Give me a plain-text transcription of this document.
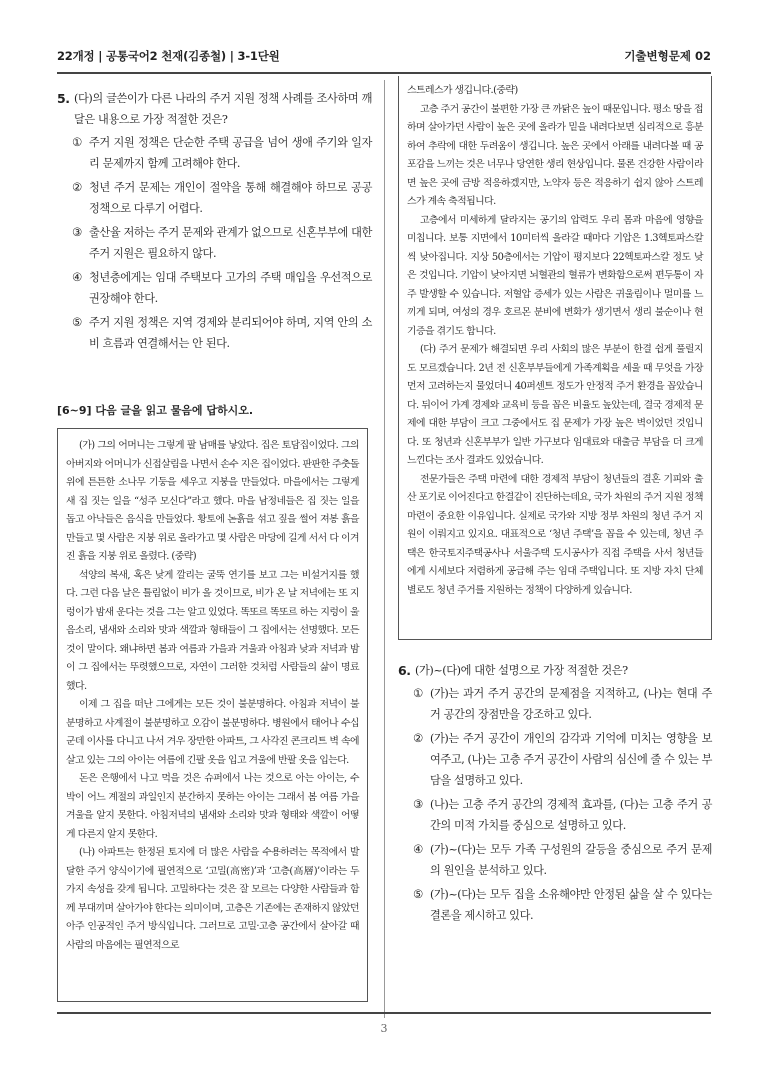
22개정 | 공통국어2 천재(김종철) | 3-1단원	기출변형문제 02
5. (다)의 글쓴이가 다른 나라의 주거 지원 정책 사례를 조사하며 깨달은 내용으로 가장 적절한 것은?
① 주거 지원 정책은 단순한 주택 공급을 넘어 생애 주기와 일자리 문제까지 함께 고려해야 한다.
② 청년 주거 문제는 개인이 절약을 통해 해결해야 하므로 공공 정책으로 다루기 어렵다.
③ 출산율 저하는 주거 문제와 관계가 없으므로 신혼부부에 대한 주거 지원은 필요하지 않다.
④ 청년층에게는 임대 주택보다 고가의 주택 매입을 우선적으로 권장해야 한다.
⑤ 주거 지원 정책은 지역 경제와 분리되어야 하며, 지역 안의 소비 흐름과 연결해서는 안 된다.
[6~9] 다음 글을 읽고 물음에 답하시오.

(가) 그의 어머니는 그렇게 팔 남매를 낳았다. 집은 토담집이었다. 그의 아버지와 어머니가 신접살림을 나면서 손수 지은 집이었다. 판판한 주춧돌 위에 튼튼한 소나무 기둥을 세우고 지붕을 만들었다. 마을에서는 그렇게 새 집 짓는 일을 “성주 모신다”라고 했다. 마을 남정네들은 집 짓는 일을 돕고 아낙들은 음식을 만들었다. 황토에 논흙을 섞고 짚을 썰어 져봉 흙을 만들고 몇 사람은 지붕 위로 올라가고 몇 사람은 마당에 길게 서서 다 이겨진 흙을 지붕 위로 올렸다. (중략)

석양의 복새, 혹은 낮게 깔리는 굴뚝 연기를 보고 그는 비설거지를 했다. 그런 다음 날은 틀림없이 비가 올 것이므로, 비가 온 날 저녁에는 또 지렁이가 밤새 운다는 것을 그는 알고 있었다. 똑또르 똑또르 하는 지렁이 울음소리, 냄새와 소리와 맛과 색깔과 형태들이 그 집에서는 선명했다. 모든 것이 말이다. 왜냐하면 봄과 여름과 가을과 겨울과 아침과 낮과 저녁과 밤이 그 집에서는 뚜렷했으므로, 자연이 그러한 것처럼 사람들의 삶이 명료했다.

이제 그 집을 떠난 그에게는 모든 것이 불분명하다. 아침과 저녁이 불분명하고 사계절이 불분명하고 오감이 불분명하다. 병원에서 태어나 수십 군데 이사를 다니고 나서 겨우 장만한 아파트, 그 사각진 콘크리트 벽 속에 살고 있는 그의 아이는 여름에 긴팔 옷을 입고 겨울에 반팔 옷을 입는다.

돈은 은행에서 나고 먹을 것은 슈퍼에서 나는 것으로 아는 아이는, 수박이 어느 계절의 과일인지 분간하지 못하는 아이는 그래서 봄 여름 가을 겨울을 알지 못한다. 아침저녁의 냄새와 소리와 맛과 형태와 색깔이 어떻게 다른지 알지 못한다.

(나) 아파트는 한정된 토지에 더 많은 사람을 수용하려는 목적에서 발달한 주거 양식이기에 필연적으로 ‘고밀(高密)’과 ‘고층(高層)’이라는 두 가지 속성을 갖게 됩니다. 고밀하다는 것은 잘 모르는 다양한 사람들과 함께 부대끼며 살아가야 한다는 의미이며, 고층은 기존에는 존재하지 않았던 아주 인공적인 주거 방식입니다. 그러므로 고밀·고층 공간에서 살아갈 때 사람의 마음에는 필연적으로

스트레스가 생깁니다.(중략)

고층 주거 공간이 불편한 가장 큰 까닭은 높이 때문입니다. 평소 땅을 접하며 살아가던 사람이 높은 곳에 올라가 밑을 내려다보면 심리적으로 흥분하여 추락에 대한 두려움이 생깁니다. 높은 곳에서 아래를 내려다볼 때 공포감을 느끼는 것은 너무나 당연한 생리 현상입니다. 물론 건강한 사람이라면 높은 곳에 금방 적응하겠지만, 노약자 등은 적응하기 쉽지 않아 스트레스가 계속 축적됩니다.

고층에서 미세하게 달라지는 공기의 압력도 우리 몸과 마음에 영향을 미칩니다. 보통 지면에서 10미터씩 올라갈 때마다 기압은 1.3헥토파스칼씩 낮아집니다. 지상 50층에서는 기압이 평지보다 22헥토파스칼 정도 낮은 것입니다. 기압이 낮아지면 뇌혈관의 혈류가 변화함으로써 편두통이 자주 발생할 수 있습니다. 저혈압 증세가 있는 사람은 귀울림이나 멀미를 느끼게 되며, 여성의 경우 호르몬 분비에 변화가 생기면서 생리 불순이나 현기증을 겪기도 합니다.

(다) 주거 문제가 해결되면 우리 사회의 많은 부분이 한결 쉽게 풀릴지도 모르겠습니다. 2년 전 신혼부부들에게 가족계획을 세울 때 무엇을 가장 먼저 고려하는지 물었더니 40퍼센트 정도가 안정적 주거 환경을 꼽았습니다. 뒤이어 가계 경제와 교육비 등을 꼽은 비율도 높았는데, 결국 경제적 문제에 대한 부담이 크고 그중에서도 집 문제가 가장 높은 벽이었던 것입니다. 또 청년과 신혼부부가 일반 가구보다 임대료와 대출금 부담을 더 크게 느낀다는 조사 결과도 있었습니다.

전문가들은 주택 마련에 대한 경제적 부담이 청년들의 결혼 기피와 출산 포기로 이어진다고 한결같이 진단하는데요, 국가 차원의 주거 지원 정책 마련이 중요한 이유입니다. 실제로 국가와 지방 정부 차원의 청년 주거 지원이 이뤄지고 있지요. 대표적으로 ‘청년 주택’을 꼽을 수 있는데, 청년 주택은 한국토지주택공사나 서울주택 도시공사가 직접 주택을 사서 청년들에게 시세보다 저렴하게 공급해 주는 임대 주택입니다. 또 지방 자치 단체별로도 청년 주거를 지원하는 정책이 다양하게 있습니다.

6. (가)~(다)에 대한 설명으로 가장 적절한 것은?
① (가)는 과거 주거 공간의 문제점을 지적하고, (나)는 현대 주거 공간의 장점만을 강조하고 있다.
② (가)는 주거 공간이 개인의 감각과 기억에 미치는 영향을 보여주고, (나)는 고층 주거 공간이 사람의 심신에 줄 수 있는 부담을 설명하고 있다.
③ (나)는 고층 주거 공간의 경제적 효과를, (다)는 고층 주거 공간의 미적 가치를 중심으로 설명하고 있다.
④ (가)~(다)는 모두 가족 구성원의 갈등을 중심으로 주거 문제의 원인을 분석하고 있다.
⑤ (가)~(다)는 모두 집을 소유해야만 안정된 삶을 살 수 있다는 결론을 제시하고 있다.
3
